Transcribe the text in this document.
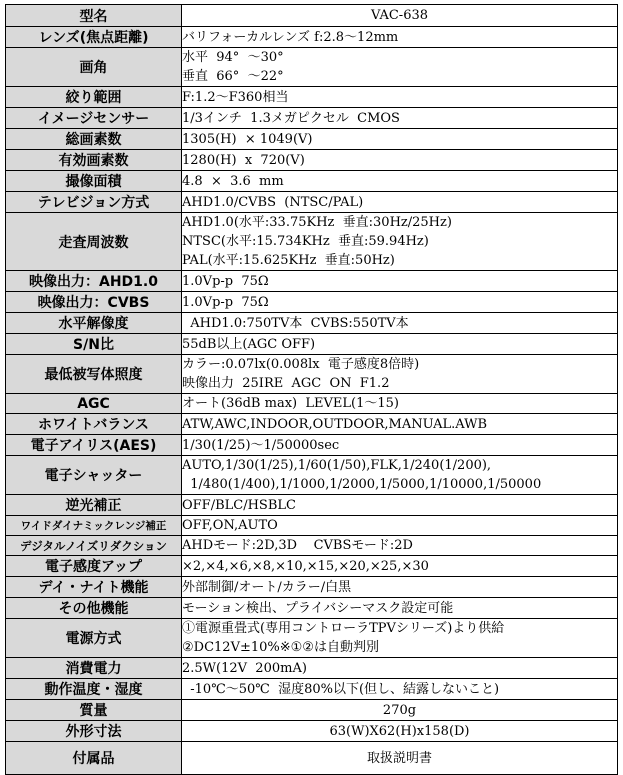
型名	VAC-638

レンズ(焦点距離)	バリフォーカルレンズ f:2.8～12mm

画角	水平  94°  ～30°
垂直  66°  ～22°

絞り範囲	F:1.2～F360相当

イメージセンサー	1/3インチ  1.3メガピクセル  CMOS

総画素数	1305(H)  × 1049(V)

有効画素数	1280(H)  x  720(V)

撮像面積	4.8  ×  3.6  mm

テレビジョン方式	AHD1.0/CVBS  (NTSC/PAL)

走査周波数	AHD1.0(水平:33.75KHz  垂直:30Hz/25Hz)
NTSC(水平:15.734KHz  垂直:59.94Hz)
PAL(水平:15.625KHz  垂直:50Hz)

映像出力：AHD1.0	1.0Vp-p  75Ω

映像出力：CVBS	1.0Vp-p  75Ω

水平解像度	AHD1.0:750TV本  CVBS:550TV本

S/N比	55dB以上(AGC OFF)

最低被写体照度	カラー:0.07lx(0.008lx  電子感度8倍時)
映像出力  25IRE  AGC  ON  F1.2

AGC	オート(36dB max)  LEVEL(1～15)

ホワイトバランス	ATW,AWC,INDOOR,OUTDOOR,MANUAL.AWB

電子アイリス(AES)	1/30(1/25)～1/50000sec

電子シャッター	AUTO,1/30(1/25),1/60(1/50),FLK,1/240(1/200),
1/480(1/400),1/1000,1/2000,1/5000,1/10000,1/50000

逆光補正	OFF/BLC/HSBLC

ワイドダイナミックレンジ補正	OFF,ON,AUTO

デジタルノイズリダクション	AHDモード:2D,3D    CVBSモード:2D

電子感度アップ	×2,×4,×6,×8,×10,×15,×20,×25,×30

デイ・ナイト機能	外部制御/オート/カラー/白黒

その他機能	モーション検出、プライバシーマスク設定可能

電源方式	①電源重畳式(専用コントローラTPVシリーズ)より供給
②DC12V±10%※①②は自動判別

消費電力	2.5W(12V  200mA)

動作温度・湿度	-10℃～50℃  湿度80%以下(但し、結露しないこと)

質量	270g

外形寸法	63(W)X62(H)x158(D)

付属品	取扱説明書
